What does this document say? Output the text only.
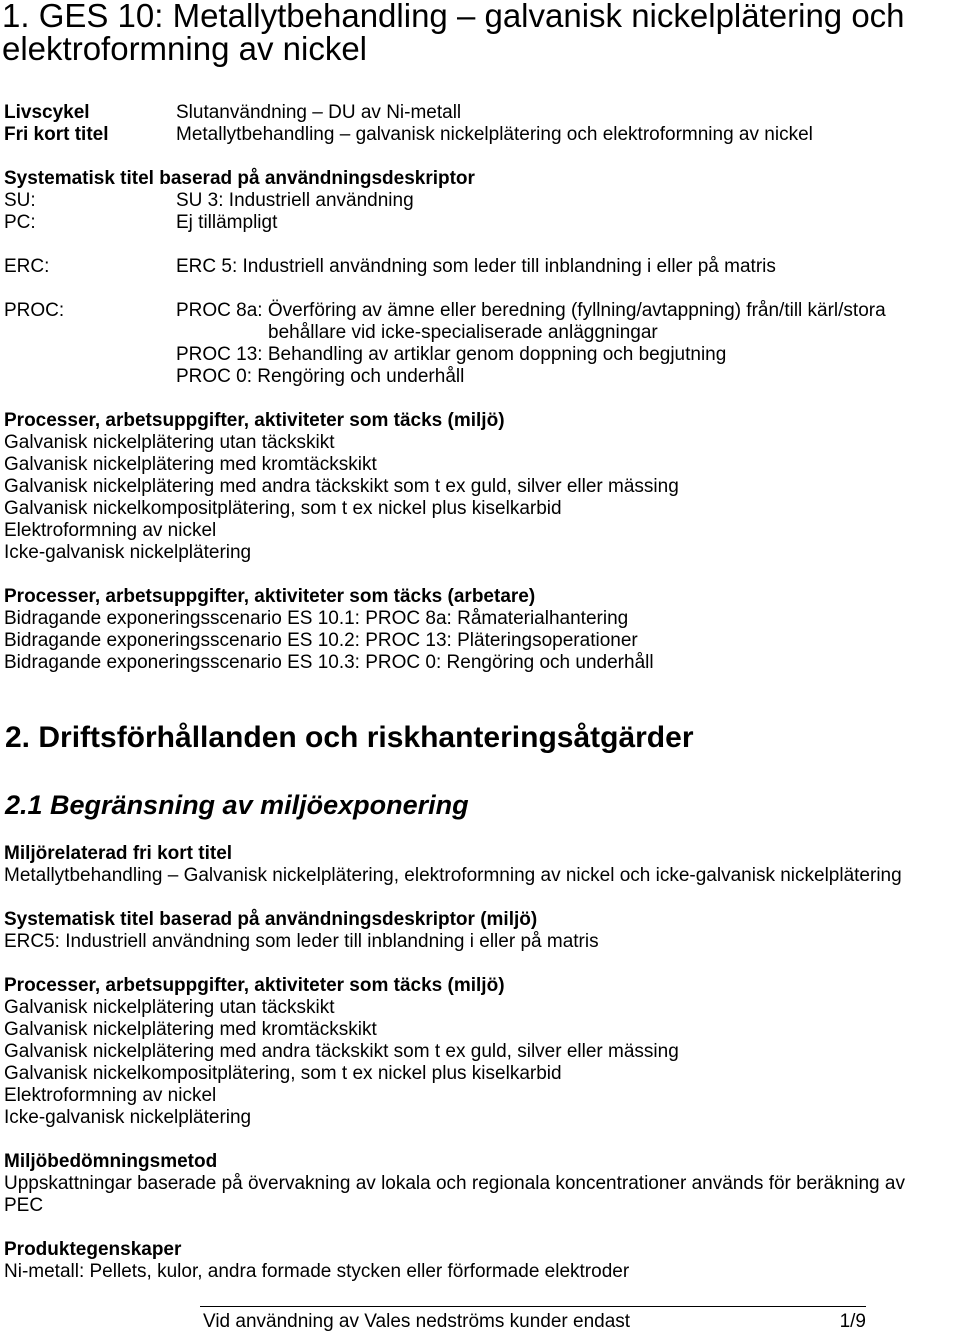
1. GES 10: Metallytbehandling – galvanisk nickelplätering och
elektroformning av nickel
Livscykel	Slutanvändning – DU av Ni-metall
Fri kort titel	Metallytbehandling – galvanisk nickelplätering och elektroformning av nickel
Systematisk titel baserad på användningsdeskriptor
SU:	SU 3: Industriell användning
PC:	Ej tillämpligt
ERC:	ERC 5: Industriell användning som leder till inblandning i eller på matris
PROC:	PROC 8a: Överföring av ämne eller beredning (fyllning/avtappning) från/till kärl/stora
behållare vid icke-specialiserade anläggningar
PROC 13: Behandling av artiklar genom doppning och begjutning
PROC 0: Rengöring och underhåll
Processer, arbetsuppgifter, aktiviteter som täcks (miljö)
Galvanisk nickelplätering utan täckskikt
Galvanisk nickelplätering med kromtäckskikt
Galvanisk nickelplätering med andra täckskikt som t ex guld, silver eller mässing
Galvanisk nickelkompositplätering, som t ex nickel plus kiselkarbid
Elektroformning av nickel
Icke-galvanisk nickelplätering
Processer, arbetsuppgifter, aktiviteter som täcks (arbetare)
Bidragande exponeringsscenario ES 10.1: PROC 8a: Råmaterialhantering
Bidragande exponeringsscenario ES 10.2: PROC 13: Pläteringsoperationer
Bidragande exponeringsscenario ES 10.3: PROC 0: Rengöring och underhåll
2. Driftsförhållanden och riskhanteringsåtgärder
2.1 Begränsning av miljöexponering
Miljörelaterad fri kort titel
Metallytbehandling – Galvanisk nickelplätering, elektroformning av nickel och icke-galvanisk nickelplätering
Systematisk titel baserad på användningsdeskriptor (miljö)
ERC5: Industriell användning som leder till inblandning i eller på matris
Processer, arbetsuppgifter, aktiviteter som täcks (miljö)
Galvanisk nickelplätering utan täckskikt
Galvanisk nickelplätering med kromtäckskikt
Galvanisk nickelplätering med andra täckskikt som t ex guld, silver eller mässing
Galvanisk nickelkompositplätering, som t ex nickel plus kiselkarbid
Elektroformning av nickel
Icke-galvanisk nickelplätering
Miljöbedömningsmetod
Uppskattningar baserade på övervakning av lokala och regionala koncentrationer används för beräkning av
PEC
Produktegenskaper
Ni-metall: Pellets, kulor, andra formade stycken eller förformade elektroder
Vid användning av Vales nedströms kunder endast	1/9
